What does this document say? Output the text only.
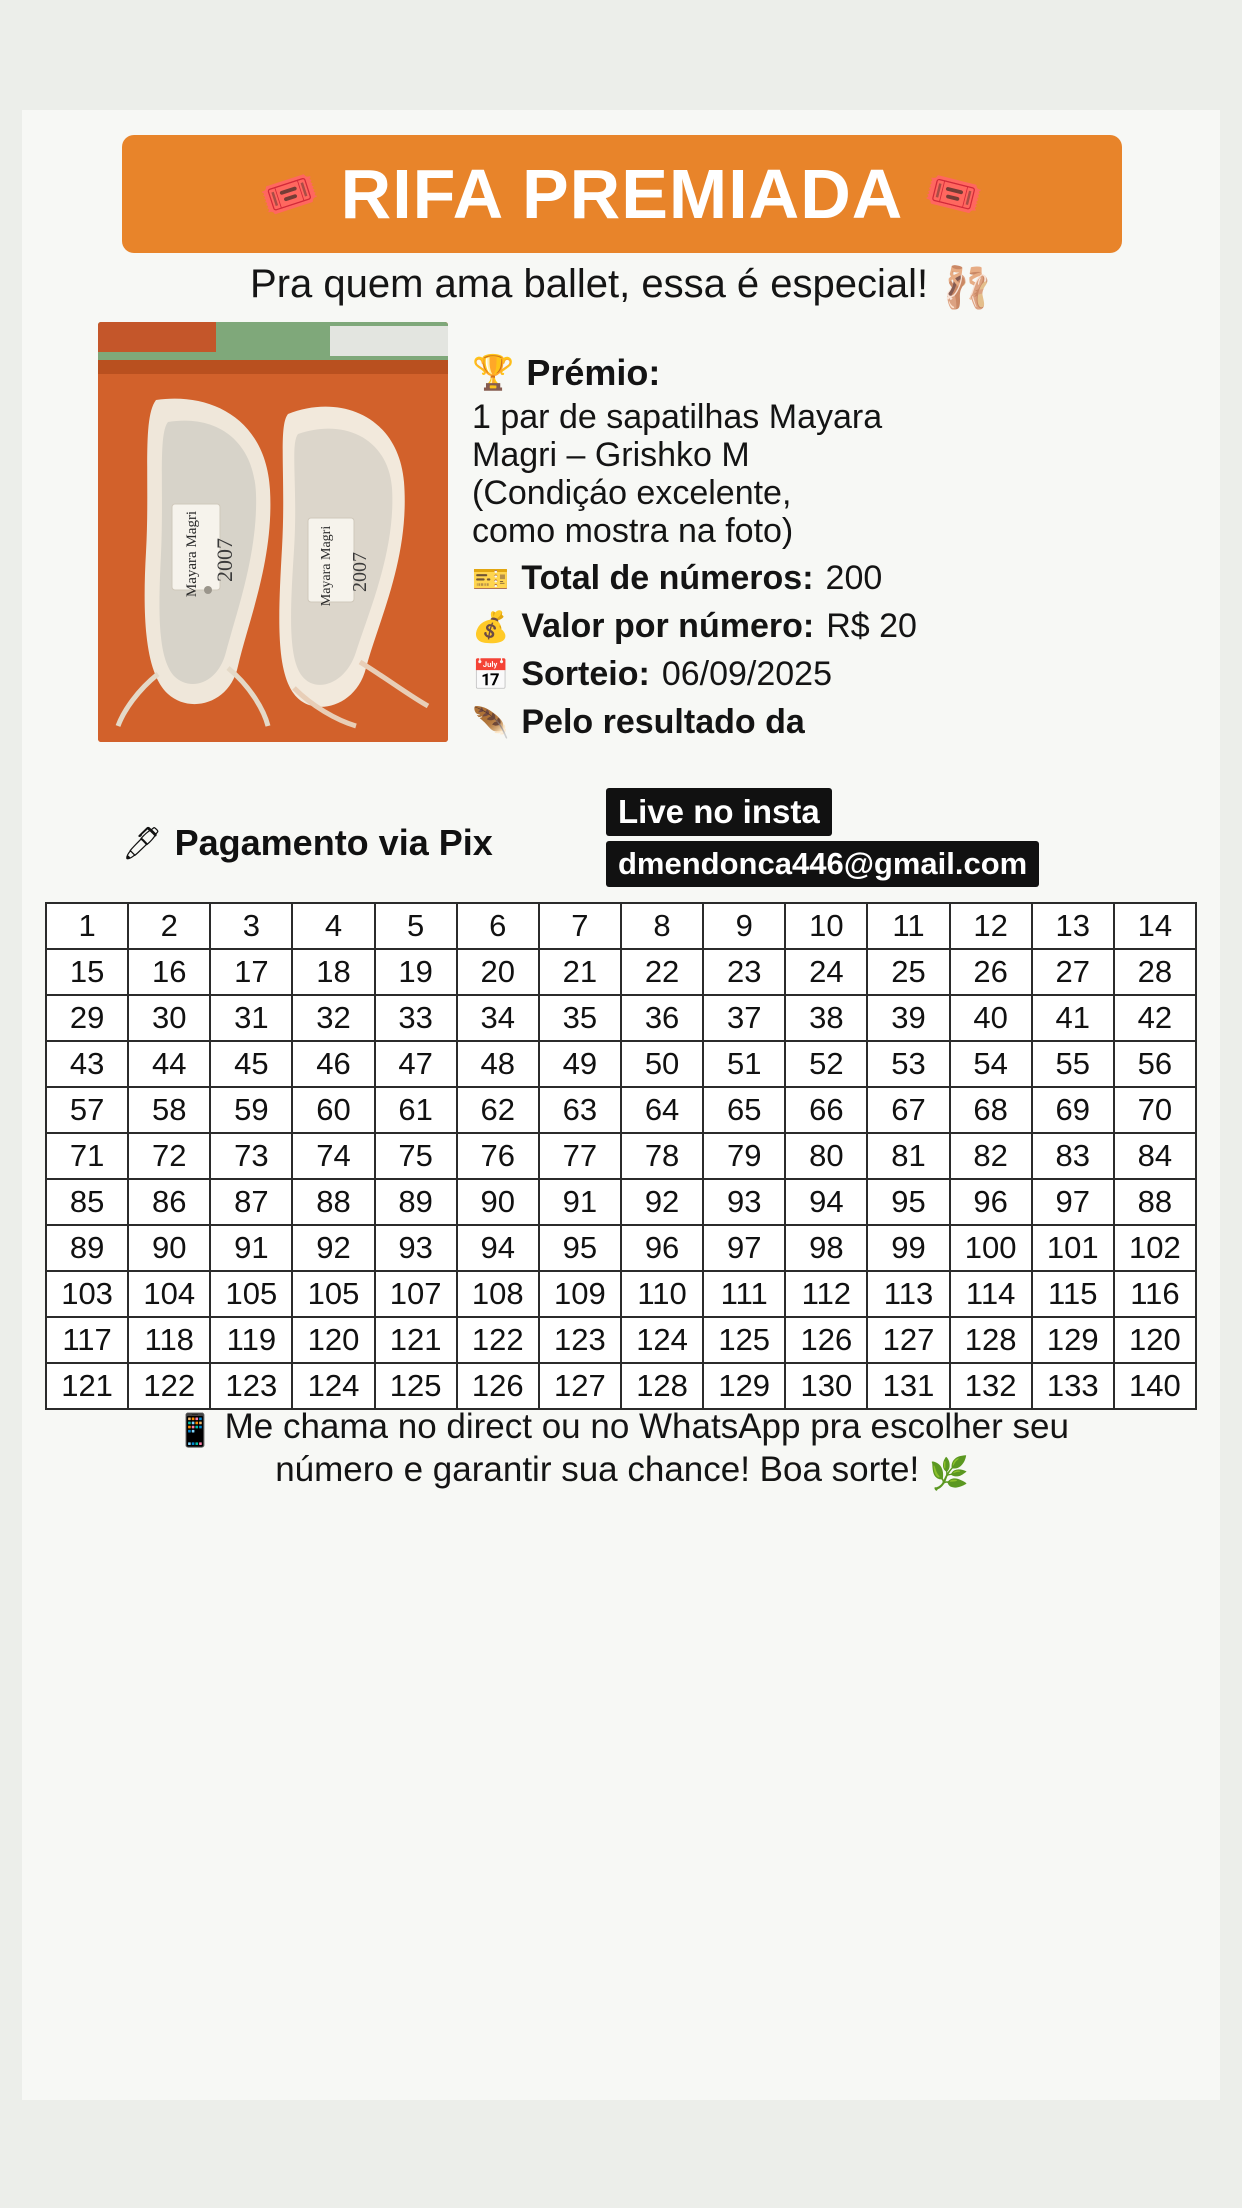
🎟️ RIFA PREMIADA 🎟️
Pra quem ama ballet, essa é especial! 🩰
Mayara Magri 2007	Mayara Magri 2007
🏆 Prémio:
1 par de sapatilhas Mayara
Magri – Grishko M
(Condiçáo excelente,
como mostra na foto)
🎫 Total de números: 200
💰 Valor por número: R$ 20
📅 Sorteio: 06/09/2025
🪶 Pelo resultado da
Live no insta
dmendonca446@gmail.com
🖊 Pagamento via Pix
1	2	3	4	5	6	7	8	9	10	11	12	13	14
15	16	17	18	19	20	21	22	23	24	25	26	27	28
29	30	31	32	33	34	35	36	37	38	39	40	41	42
43	44	45	46	47	48	49	50	51	52	53	54	55	56
57	58	59	60	61	62	63	64	65	66	67	68	69	70
71	72	73	74	75	76	77	78	79	80	81	82	83	84
85	86	87	88	89	90	91	92	93	94	95	96	97	88
89	90	91	92	93	94	95	96	97	98	99	100	101	102
103	104	105	105	107	108	109	110	111	112	113	114	115	116
117	118	119	120	121	122	123	124	125	126	127	128	129	120
121	122	123	124	125	126	127	128	129	130	131	132	133	140
📱 Me chama no direct ou no WhatsApp pra escolher seu
número e garantir sua chance! Boa sorte! 🌿
